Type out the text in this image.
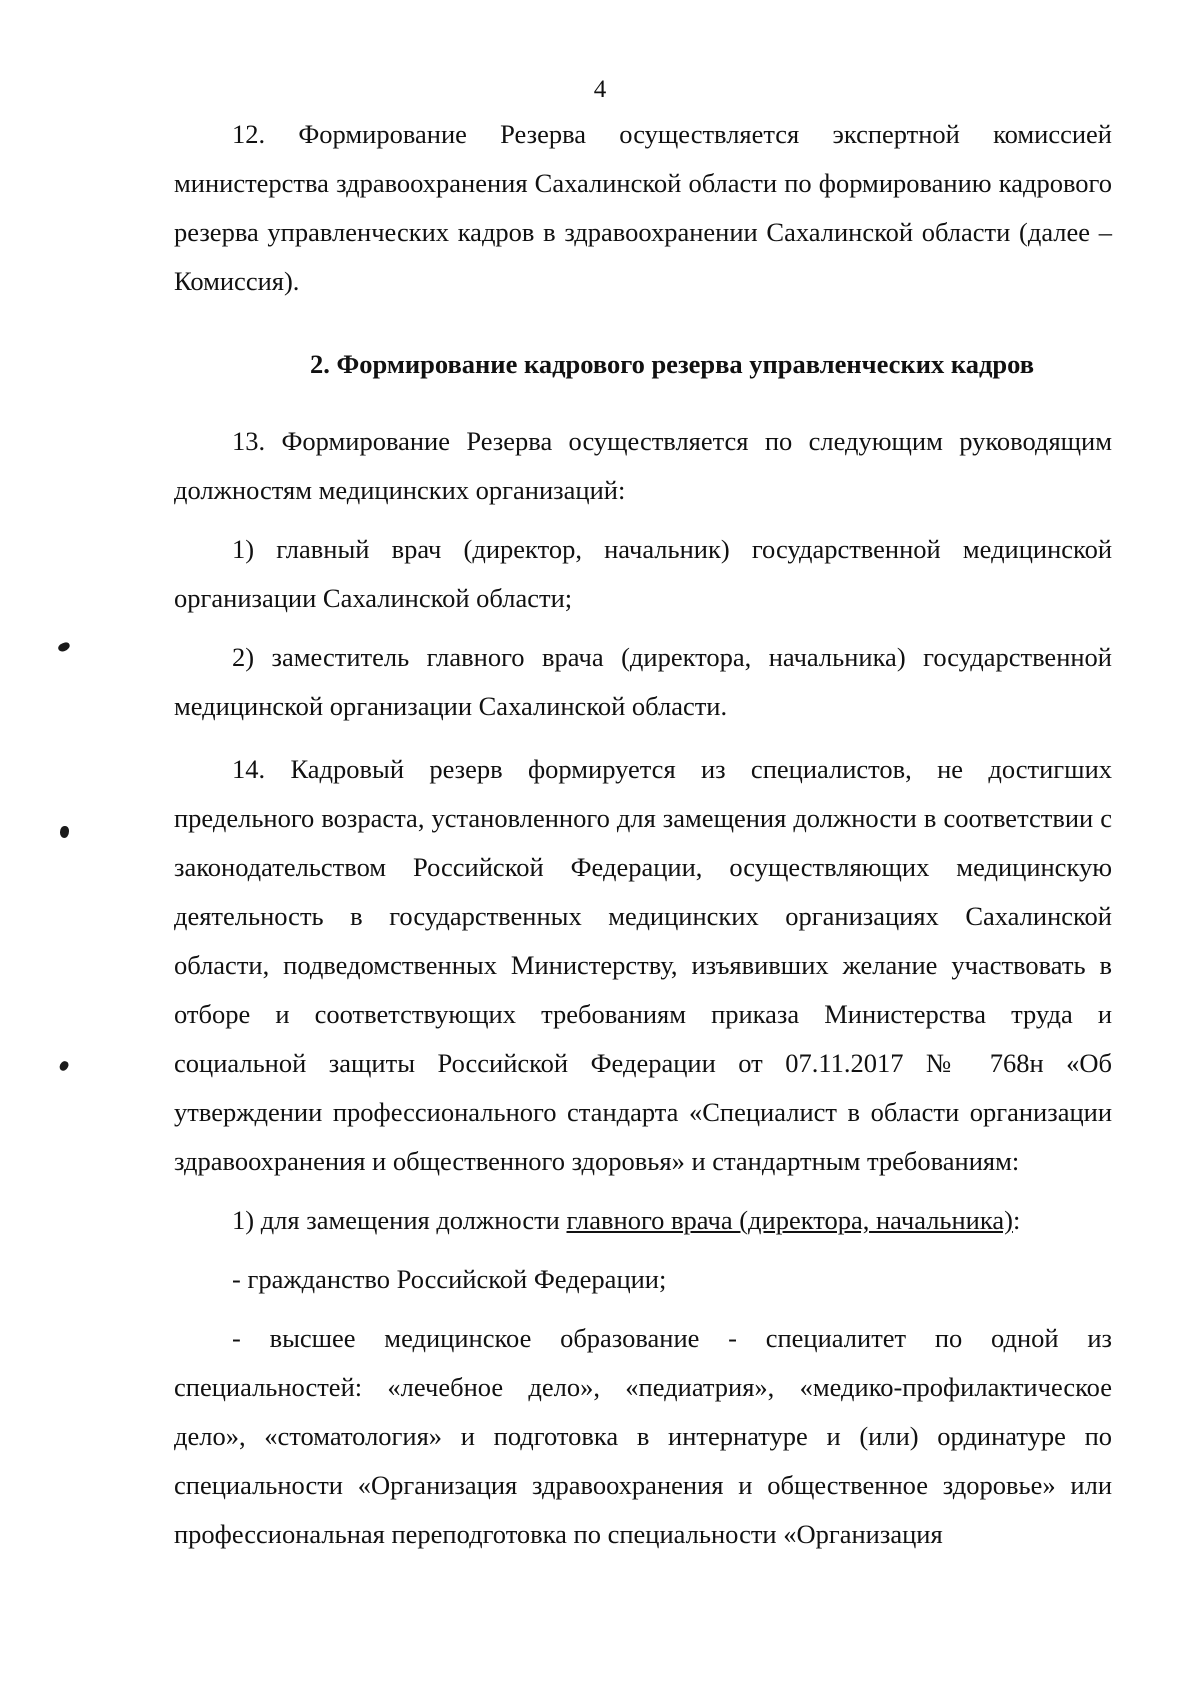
4

12. Формирование Резерва осуществляется экспертной комиссией министерства здравоохранения Сахалинской области по формированию кадрового резерва управленческих кадров в здравоохранении Сахалинской области (далее – Комиссия).

2. Формирование кадрового резерва управленческих кадров

13. Формирование Резерва осуществляется по следующим руководящим должностям медицинских организаций:

1) главный врач (директор, начальник) государственной медицинской организации Сахалинской области;

2) заместитель главного врача (директора, начальника) государственной медицинской организации Сахалинской области.

14. Кадровый резерв формируется из специалистов, не достигших предельного возраста, установленного для замещения должности в соответствии с законодательством Российской Федерации, осуществляющих медицинскую деятельность в государственных медицинских организациях Сахалинской области, подведомственных Министерству, изъявивших желание участвовать в отборе и соответствующих требованиям приказа Министерства труда и социальной защиты Российской Федерации от 07.11.2017 № 768н «Об утверждении профессионального стандарта «Специалист в области организации здравоохранения и общественного здоровья» и стандартным требованиям:

1) для замещения должности главного врача (директора, начальника):

- гражданство Российской Федерации;

- высшее медицинское образование - специалитет по одной из специальностей: «лечебное дело», «педиатрия», «медико-профилактическое дело», «стоматология» и подготовка в интернатуре и (или) ординатуре по специальности «Организация здравоохранения и общественное здоровье» или профессиональная переподготовка по специальности «Организация
